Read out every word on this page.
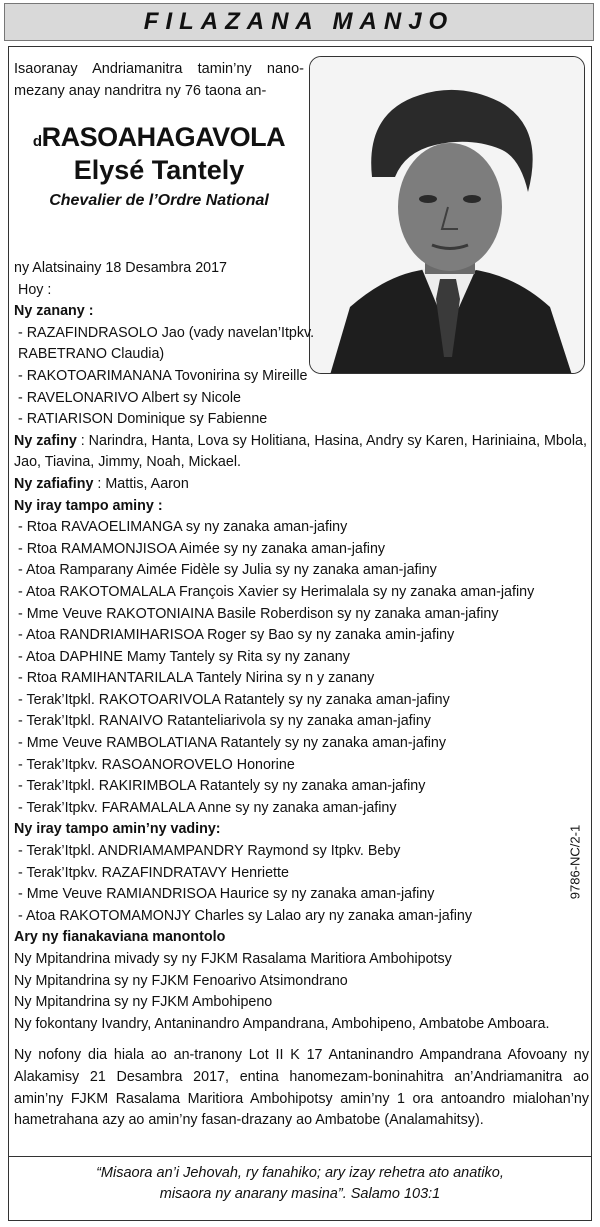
FILAZANA MANJO
Isaoranay Andriamanitra tamin’ny nano-mezany anay nandritra ny 76 taona an-
dRASOAHAGAVOLA
Elysé Tantely
Chevalier de l’Ordre National

ny Alatsinainy 18 Desambra 2017

Hoy :

Ny zanany :

- RAZAFINDRASOLO Jao (vady navelan’Itpkv.

RABETRANO Claudia)

- RAKOTOARIMANANA Tovonirina sy Mireille

- RAVELONARIVO Albert sy Nicole

- RATIARISON Dominique sy Fabienne

Ny zafiny : Narindra, Hanta, Lova sy Holitiana, Hasina, Andry sy Karen, Hariniaina, Mbola, Jao, Tiavina, Jimmy, Noah, Mickael.

Ny zafiafiny : Mattis, Aaron

Ny iray tampo aminy :

- Rtoa RAVAOELIMANGA sy ny zanaka aman-jafiny

- Rtoa RAMAMONJISOA Aimée sy ny zanaka aman-jafiny

- Atoa Ramparany Aimée Fidèle sy Julia sy ny zanaka aman-jafiny

- Atoa RAKOTOMALALA François Xavier sy Herimalala sy ny zanaka aman-jafiny

- Mme Veuve RAKOTONIAINA Basile Roberdison sy ny zanaka aman-jafiny

- Atoa RANDRIAMIHARISOA Roger sy Bao sy ny zanaka amin-jafiny

- Atoa DAPHINE Mamy Tantely sy Rita sy ny zanany

- Rtoa RAMIHANTARILALA Tantely Nirina sy n y zanany

- Terak’Itpkl. RAKOTOARIVOLA Ratantely sy ny zanaka aman-jafiny

- Terak’Itpkl. RANAIVO Ratanteliarivola sy ny zanaka aman-jafiny

- Mme Veuve RAMBOLATIANA Ratantely sy ny zanaka aman-jafiny

- Terak’Itpkv. RASOANOROVELO Honorine

- Terak’Itpkl. RAKIRIMBOLA Ratantely sy ny zanaka aman-jafiny

- Terak’Itpkv. FARAMALALA Anne sy ny zanaka aman-jafiny

Ny iray tampo amin’ny vadiny:

- Terak’Itpkl. ANDRIAMAMPANDRY Raymond sy Itpkv. Beby

- Terak’Itpkv. RAZAFINDRATAVY Henriette

- Mme Veuve RAMIANDRISOA Haurice sy ny zanaka aman-jafiny

- Atoa RAKOTOMAMONJY Charles sy Lalao ary ny zanaka aman-jafiny

Ary ny fianakaviana manontolo

Ny Mpitandrina mivady sy ny FJKM Rasalama Maritiora Ambohipotsy

Ny Mpitandrina sy ny FJKM Fenoarivo Atsimondrano

Ny Mpitandrina sy ny FJKM Ambohipeno

Ny fokontany Ivandry, Antaninandro Ampandrana, Ambohipeno, Ambatobe Amboara.

Ny nofony dia hiala ao an-tranony Lot II K 17 Antaninandro Ampandrana Afovoany ny Alakamisy 21 Desambra 2017, entina hanomezam-boninahitra an’Andriamanitra ao amin’ny FJKM Rasalama Maritiora Ambohipotsy amin’ny 1 ora antoandro mialohan’ny hametrahana azy ao amin’ny fasan-drazany ao Ambatobe (Analamahitsy).

“Misaora an’i Jehovah, ry fanahiko; ary izay rehetra ato anatiko,
misaora ny anarany masina”. Salamo 103:1
9786-NC/2-1
